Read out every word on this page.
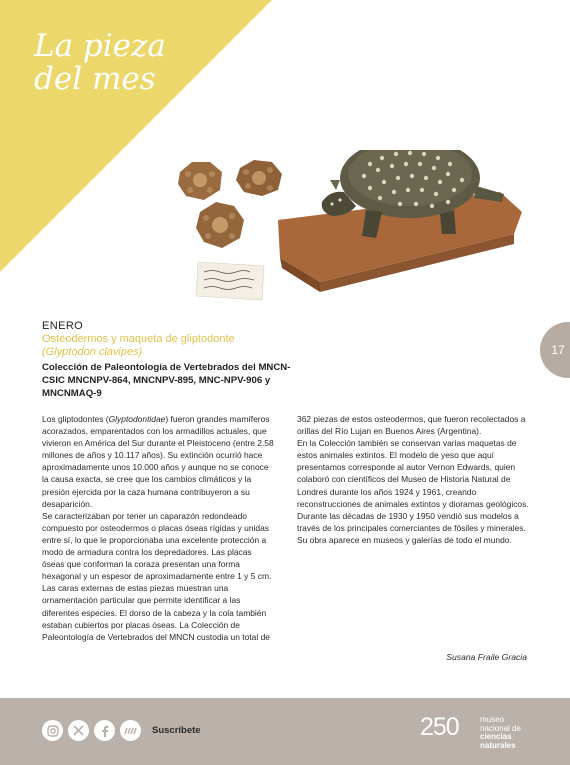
La pieza
del mes
17
ENERO
Osteodermos y maqueta de gliptodonte
(Glyptodon clavipes)
Colección de Paleontología de Vertebrados del MNCN-CSIC MNCNPV-864, MNCNPV-895, MNC-NPV-906 y MNCNMAQ-9

Los gliptodontes (Glyptodontidae) fueron grandes mamíferos acorazados, emparentados con los armadillos actuales, que vivieron en América del Sur durante el Pleistoceno (entre 2.58 millones de años y 10.117 años). Su extinción ocurrió hace aproximadamente unos 10.000 años y aunque no se conoce la causa exacta, se cree que los cambios climáticos y la presión ejercida por la caza humana contribuyeron a su desaparición.

Se caracterizaban por tener un caparazón redondeado compuesto por osteodermos o placas óseas rígidas y unidas entre sí, lo que le proporcionaba una excelente protección a modo de armadura contra los depredadores. Las placas óseas que conforman la coraza presentan una forma hexagonal y un espesor de aproximadamente entre 1 y 5 cm. Las caras externas de estas piezas muestran una ornamentación particular que permite identificar a las diferentes especies. El dorso de la cabeza y la cola también estaban cubiertos por placas óseas. La Colección de Paleontología de Vertebrados del MNCN custodia un total de

362 piezas de estos osteodermos, que fueron recolectados a orillas del Río Lujan en Buenos Aires (Argentina).

En la Colección también se conservan varias maquetas de estos animales extintos. El modelo de yeso que aquí presentamos corresponde al autor Vernon Edwards, quien colaboró con científicos del Museo de Historia Natural de Londres durante los años 1924 y 1961, creando reconstrucciones de animales extintos y dioramas geológicos. Durante las décadas de 1930 y 1950 vendió sus modelos a través de los principales comerciantes de fósiles y minerales. Su obra aparece en museos y galerías de todo el mundo.

Susana Fraile Gracia
Suscríbete	250	museo
nacional de
ciencias
naturales
